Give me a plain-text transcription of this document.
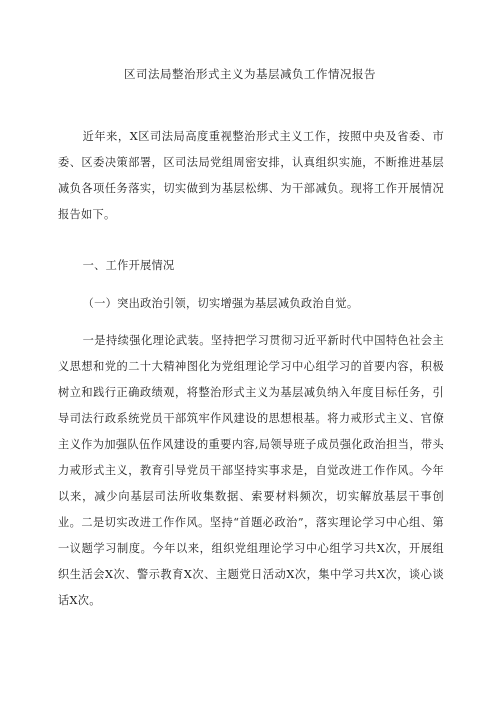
区司法局整治形式主义为基层减负工作情况报告

近年来，X区司法局高度重视整治形式主义工作，按照中央及省委、市委、区委决策部署，区司法局党组周密安排，认真组织实施，不断推进基层减负各项任务落实，切实做到为基层松绑、为干部减负。现将工作开展情况报告如下。

一、工作开展情况

（一）突出政治引领，切实增强为基层减负政治自觉。

一是持续强化理论武装。坚持把学习贯彻习近平新时代中国特色社会主义思想和党的二十大精神图化为党组理论学习中心组学习的首要内容，积极树立和践行正确政绩观，将整治形式主义为基层减负纳入年度目标任务，引导司法行政系统党员干部筑牢作风建设的思想根基。将力戒形式主义、官僚主义作为加强队伍作风建设的重要内容,局领导班子成员强化政治担当，带头力戒形式主义，教育引导党员干部坚持实事求是，自觉改进工作作风。今年以来，减少向基层司法所收集数据、索要材料频次，切实解放基层干事创业。二是切实改进工作作风。坚持“首题必政治”，落实理论学习中心组、第一议题学习制度。今年以来，组织党组理论学习中心组学习共X次，开展组织生活会X次、警示教育X次、主题党日活动X次，集中学习共X次，谈心谈话X次。
